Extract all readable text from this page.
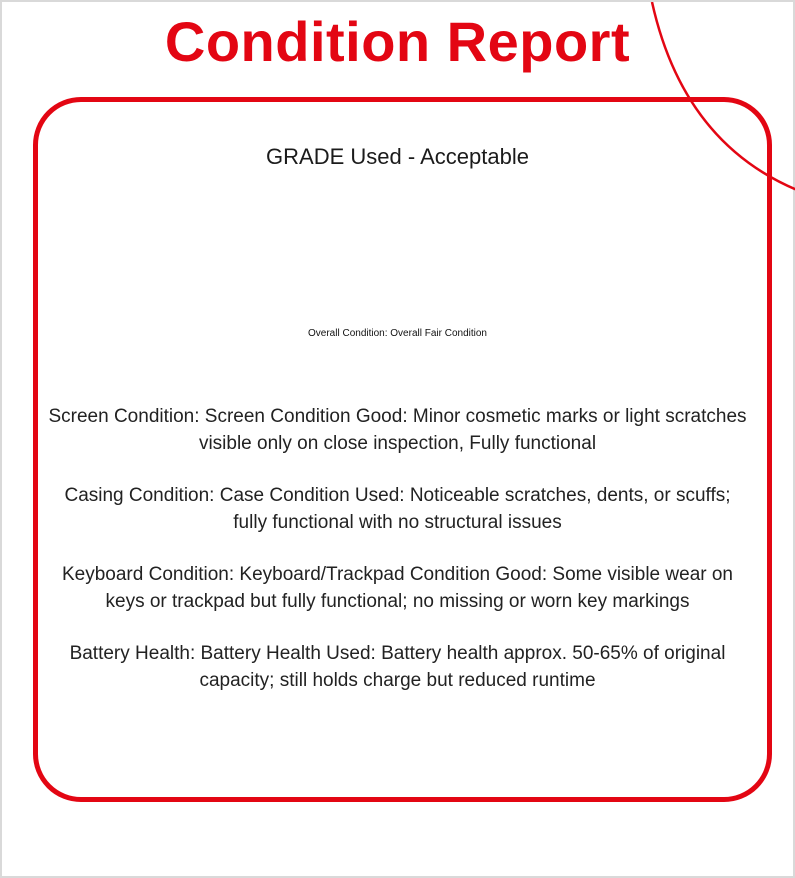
Condition Report
GRADE Used - Acceptable
Overall Condition: Overall Fair Condition

Screen Condition: Screen Condition Good: Minor cosmetic marks or light scratches visible only on close inspection, Fully functional

Casing Condition: Case Condition Used: Noticeable scratches, dents, or scuffs; fully functional with no structural issues

Keyboard Condition: Keyboard/Trackpad Condition Good: Some visible wear on keys or trackpad but fully functional; no missing or worn key markings

Battery Health: Battery Health Used: Battery health approx. 50-65% of original capacity; still holds charge but reduced runtime
